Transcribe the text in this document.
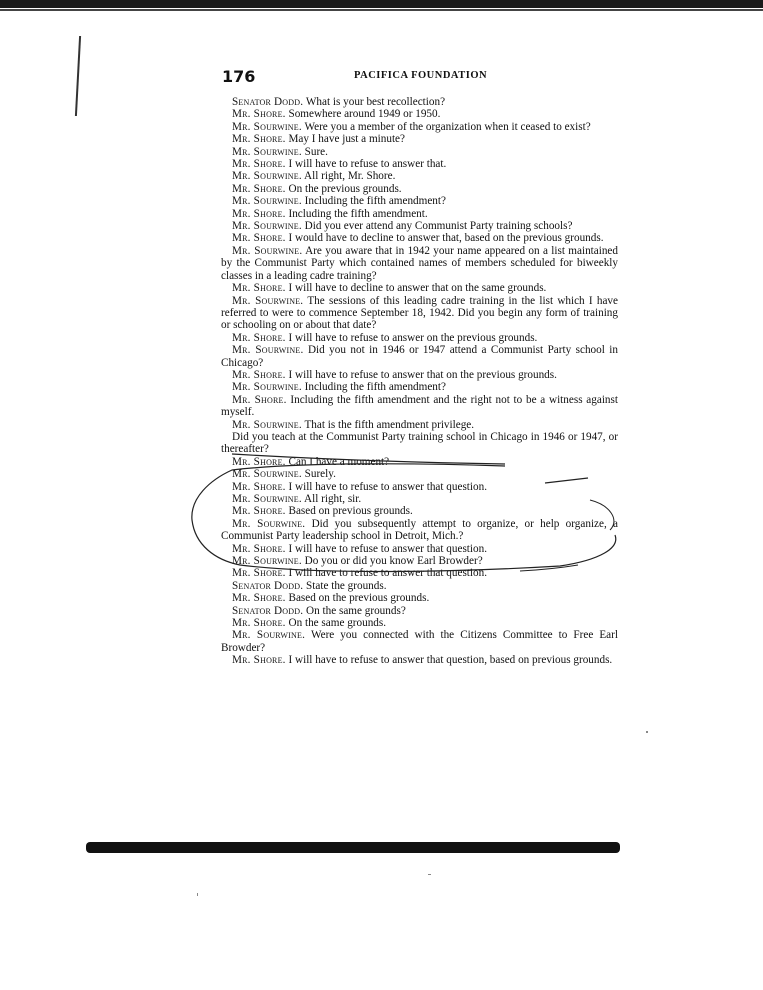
176	PACIFICA FOUNDATION

Senator Dodd. What is your best recollection?

Mr. Shore. Somewhere around 1949 or 1950.

Mr. Sourwine. Were you a member of the organization when it ceased to exist?

Mr. Shore. May I have just a minute?

Mr. Sourwine. Sure.

Mr. Shore. I will have to refuse to answer that.

Mr. Sourwine. All right, Mr. Shore.

Mr. Shore. On the previous grounds.

Mr. Sourwine. Including the fifth amendment?

Mr. Shore. Including the fifth amendment.

Mr. Sourwine. Did you ever attend any Communist Party training schools?

Mr. Shore. I would have to decline to answer that, based on the previous grounds.

Mr. Sourwine. Are you aware that in 1942 your name appeared on a list maintained by the Communist Party which contained names of members scheduled for biweekly classes in a leading cadre training?

Mr. Shore. I will have to decline to answer that on the same grounds.

Mr. Sourwine. The sessions of this leading cadre training in the list which I have referred to were to commence September 18, 1942. Did you begin any form of training or schooling on or about that date?

Mr. Shore. I will have to refuse to answer on the previous grounds.

Mr. Sourwine. Did you not in 1946 or 1947 attend a Communist Party school in Chicago?

Mr. Shore. I will have to refuse to answer that on the previous grounds.

Mr. Sourwine. Including the fifth amendment?

Mr. Shore. Including the fifth amendment and the right not to be a witness against myself.

Mr. Sourwine. That is the fifth amendment privilege.

Did you teach at the Communist Party training school in Chicago in 1946 or 1947, or thereafter?

Mr. Shore. Can I have a moment?

Mr. Sourwine. Surely.

Mr. Shore. I will have to refuse to answer that question.

Mr. Sourwine. All right, sir.

Mr. Shore. Based on previous grounds.

Mr. Sourwine. Did you subsequently attempt to organize, or help organize, a Communist Party leadership school in Detroit, Mich.?

Mr. Shore. I will have to refuse to answer that question.

Mr. Sourwine. Do you or did you know Earl Browder?

Mr. Shore. I will have to refuse to answer that question.

Senator Dodd. State the grounds.

Mr. Shore. Based on the previous grounds.

Senator Dodd. On the same grounds?

Mr. Shore. On the same grounds.

Mr. Sourwine. Were you connected with the Citizens Committee to Free Earl Browder?

Mr. Shore. I will have to refuse to answer that question, based on previous grounds.
